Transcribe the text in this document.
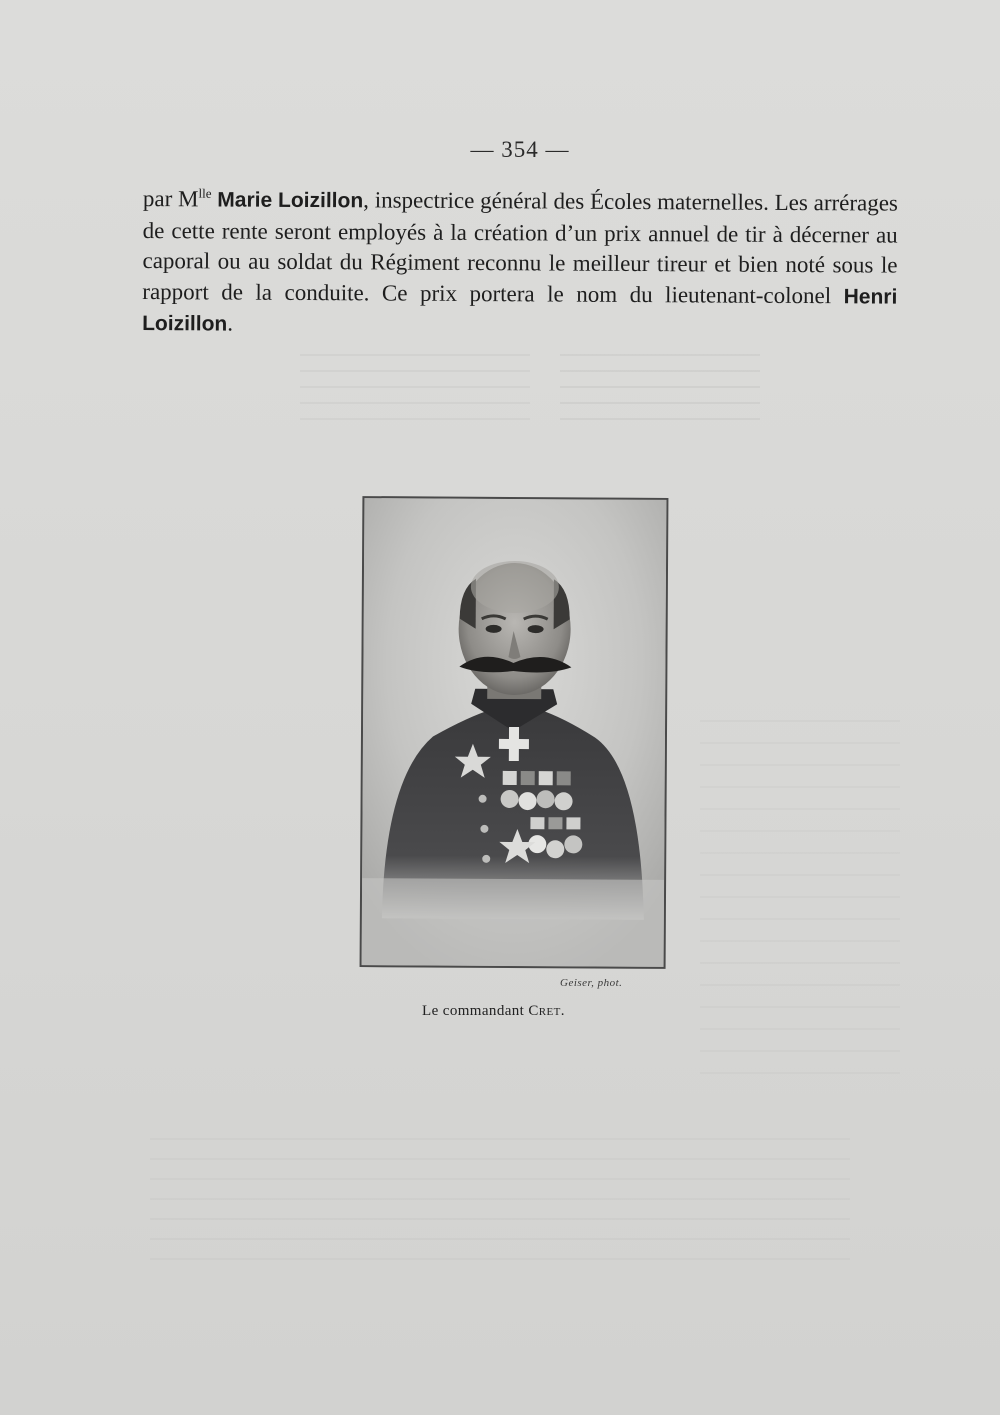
— 354 —

par $M^{lle}$ Marie Loizillon, inspectrice général des Écoles maternelles. Les arrérages de cette rente seront employés à la création d’un prix annuel de tir à décerner au caporal ou au soldat du Régiment reconnu le meilleur tireur et bien noté sous le rapport de la conduite. Ce prix portera le nom du lieutenant-colonel Henri Loizillon.

Geiser, phot.
Le commandant Cret.
